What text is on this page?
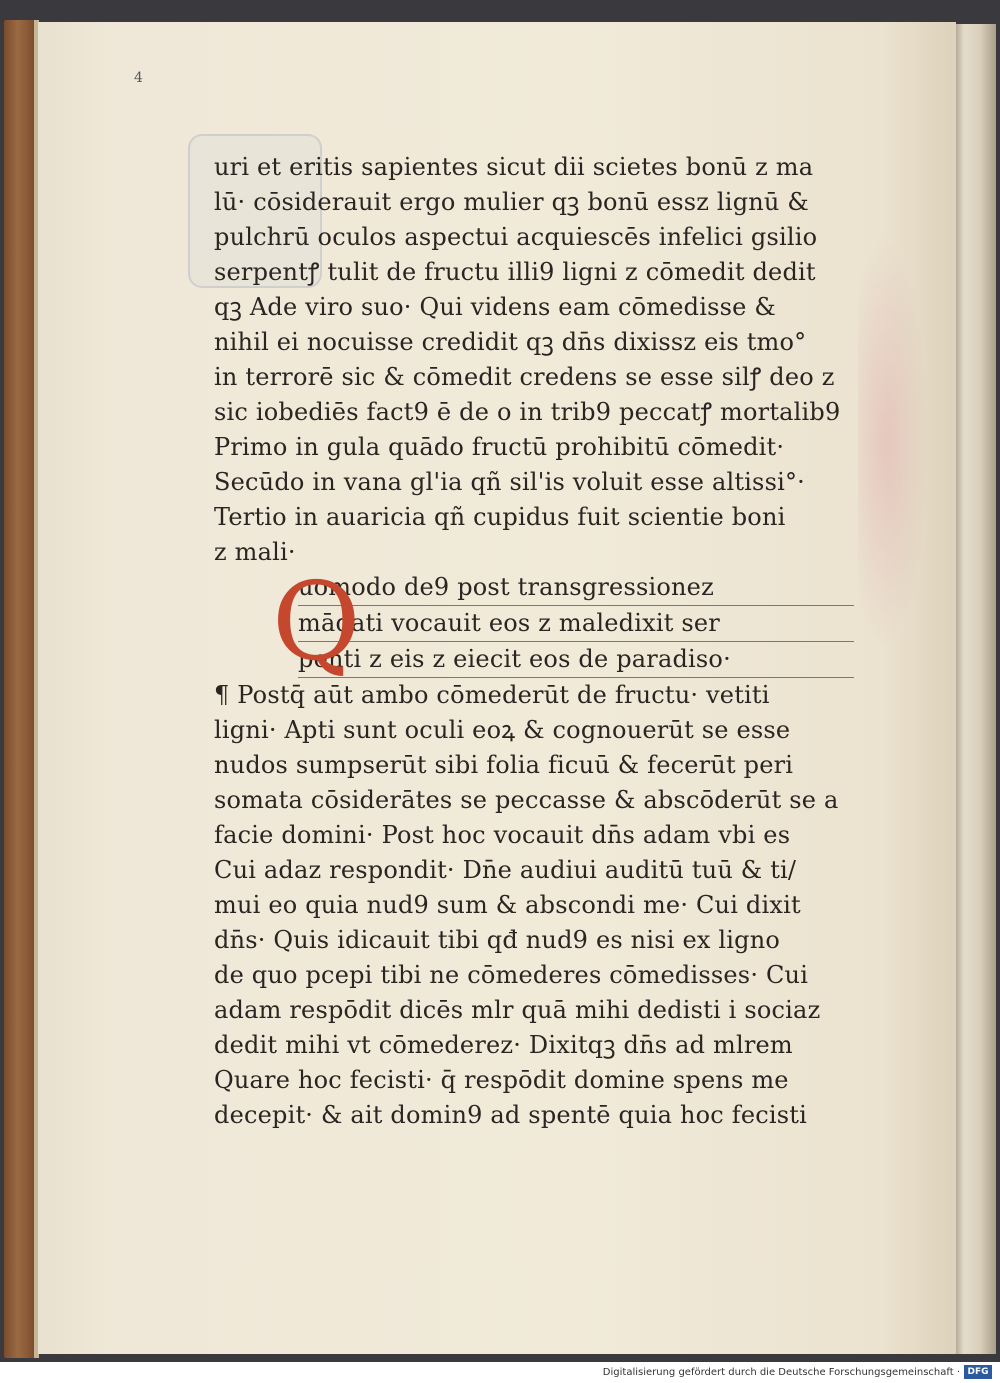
4
uri et eritis sapientes sicut dii scietes bonū z ma
lū· cōsiderauit ergo mulier qꝫ bonū essz lignū &
pulchrū oculos aspectui acquiescēs infelici gsilio
serpentꝭ tulit de fructu illi9 ligni z cōmedit dedit
qꝫ Ade viro suo· Qui videns eam cōmedisse &
nihil ei nocuisse credidit qꝫ dn̄s dixissz eis tmo°
in terrorē sic & cōmedit credens se esse silꝭ deo z
sic iobediēs fact9 ē de o in trib9 peccatꝭ mortalib9
Primo in gula quādo fructū prohibitū cōmedit·
Secūdo in vana gl'ia qñ sil'is voluit esse altissi°·
Tertio in auaricia qñ cupidus fuit scientie boni
z mali·
Q
uomodo de9 post transgressionez
mādati vocauit eos z maledixit ser
penti z eis z eiecit eos de paradiso·
¶ Postq̄ aūt ambo cōmederūt de fructu· vetiti
ligni· Apti sunt oculi eoꝝ & cognouerūt se esse
nudos sumpserūt sibi folia ficuū & fecerūt peri
somata cōsiderātes se peccasse & abscōderūt se a
facie domini· Post hoc vocauit dn̄s adam vbi es
Cui adaz respondit· Dn̄e audiui auditū tuū & ti/
mui eo quia nud9 sum & abscondi me· Cui dixit
dn̄s· Quis idicauit tibi qđ nud9 es nisi ex ligno
de quo pcepi tibi ne cōmederes cōmedisses· Cui
adam respōdit dicēs mlr quā mihi dedisti i sociaz
dedit mihi vt cōmederez· Dixitqꝫ dn̄s ad mlrem
Quare hoc fecisti· q̄ respōdit domine spens me
decepit· & ait domin9 ad spentē quia hoc fecisti
Digitalisierung gefördert durch die Deutsche Forschungsgemeinschaft · DFG
